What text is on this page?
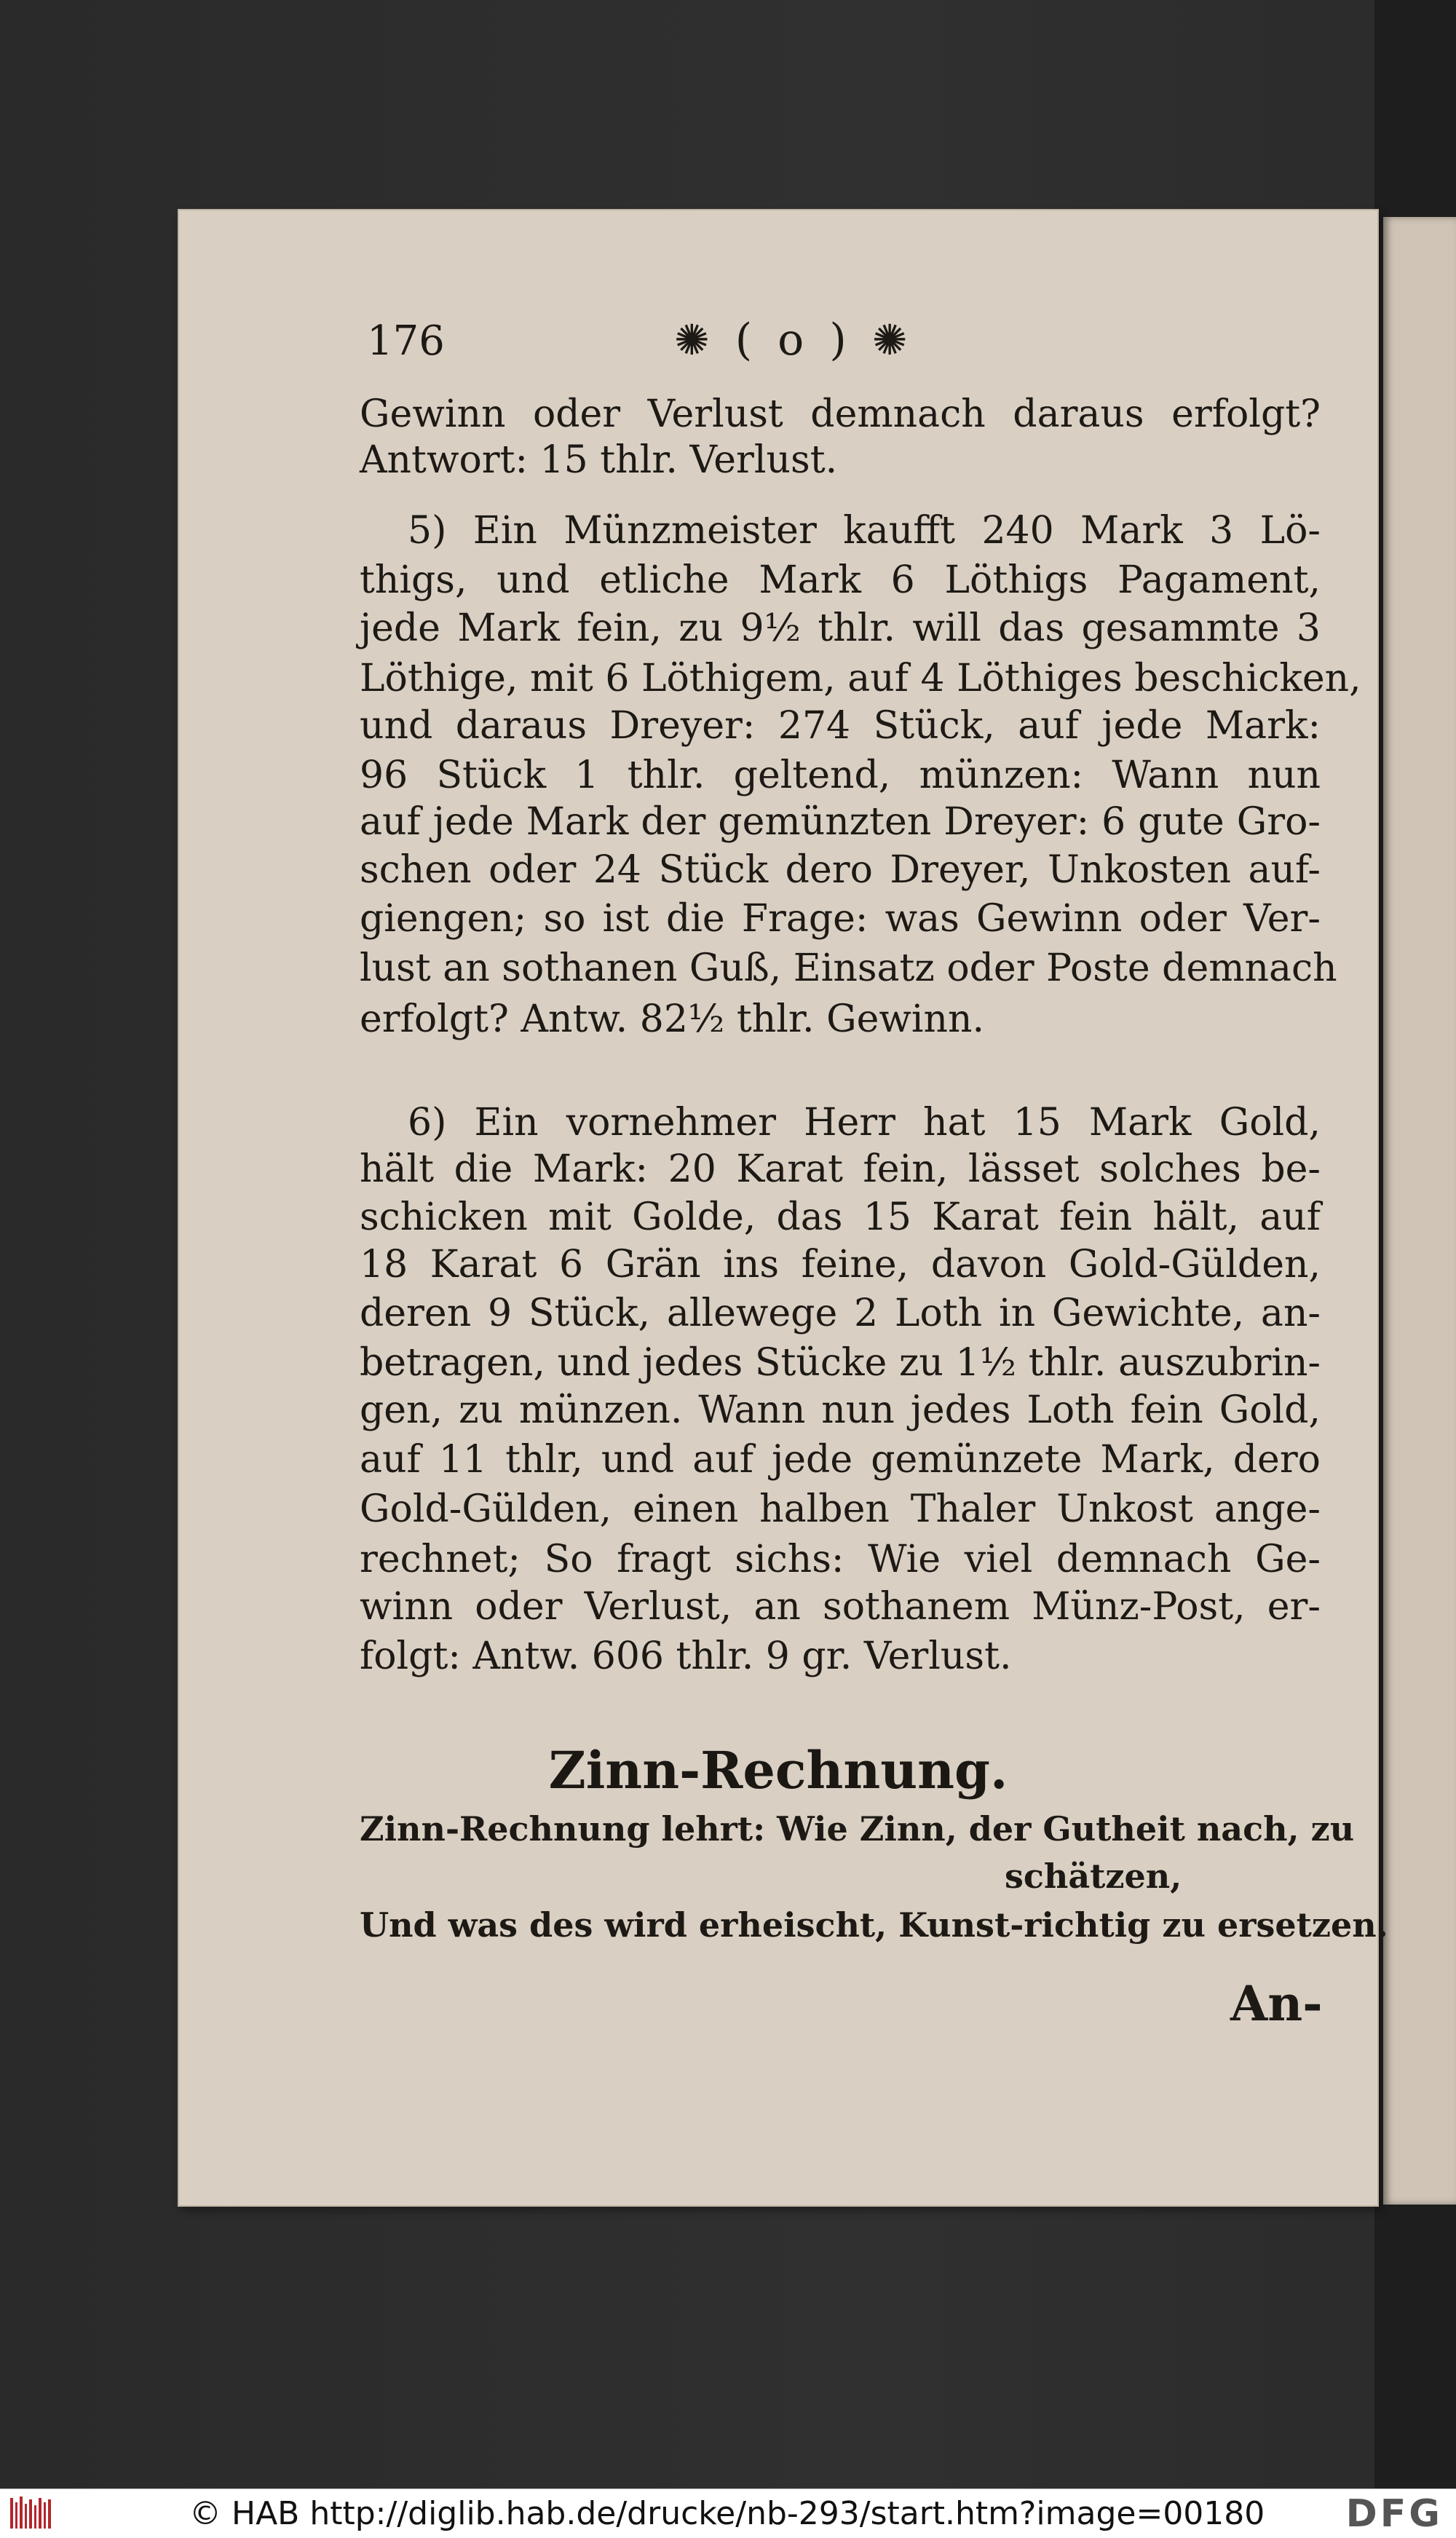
176	✺ ( o ) ✺
Gewinn oder Verlust demnach daraus erfolgt?
Antwort: 15 thlr. Verlust.
5) Ein Münzmeister kaufft 240 Mark 3 Lö-
thigs, und etliche Mark 6 Löthigs Pagament,
jede Mark fein, zu 9½ thlr. will das gesammte 3
Löthige, mit 6 Löthigem, auf 4 Löthiges beschicken,
und daraus Dreyer: 274 Stück, auf jede Mark:
96 Stück 1 thlr. geltend, münzen: Wann nun
auf jede Mark der gemünzten Dreyer: 6 gute Gro-
schen oder 24 Stück dero Dreyer, Unkosten auf-
giengen; so ist die Frage: was Gewinn oder Ver-
lust an sothanen Guß, Einsatz oder Poste demnach
erfolgt? Antw. 82½ thlr. Gewinn.
6) Ein vornehmer Herr hat 15 Mark Gold,
hält die Mark: 20 Karat fein, lässet solches be-
schicken mit Golde, das 15 Karat fein hält, auf
18 Karat 6 Grän ins feine, davon Gold-Gülden,
deren 9 Stück, allewege 2 Loth in Gewichte, an-
betragen, und jedes Stücke zu 1½ thlr. auszubrin-
gen, zu münzen. Wann nun jedes Loth fein Gold,
auf 11 thlr, und auf jede gemünzete Mark, dero
Gold-Gülden, einen halben Thaler Unkost ange-
rechnet; So fragt sichs: Wie viel demnach Ge-
winn oder Verlust, an sothanem Münz-Post, er-
folgt: Antw. 606 thlr. 9 gr. Verlust.
Zinn-Rechnung.
Zinn-Rechnung lehrt: Wie Zinn, der Gutheit nach, zu
schätzen,
Und was des wird erheischt, Kunst-richtig zu ersetzen.
An-
© HAB http://diglib.hab.de/drucke/nb-293/start.htm?image=00180 DFG
